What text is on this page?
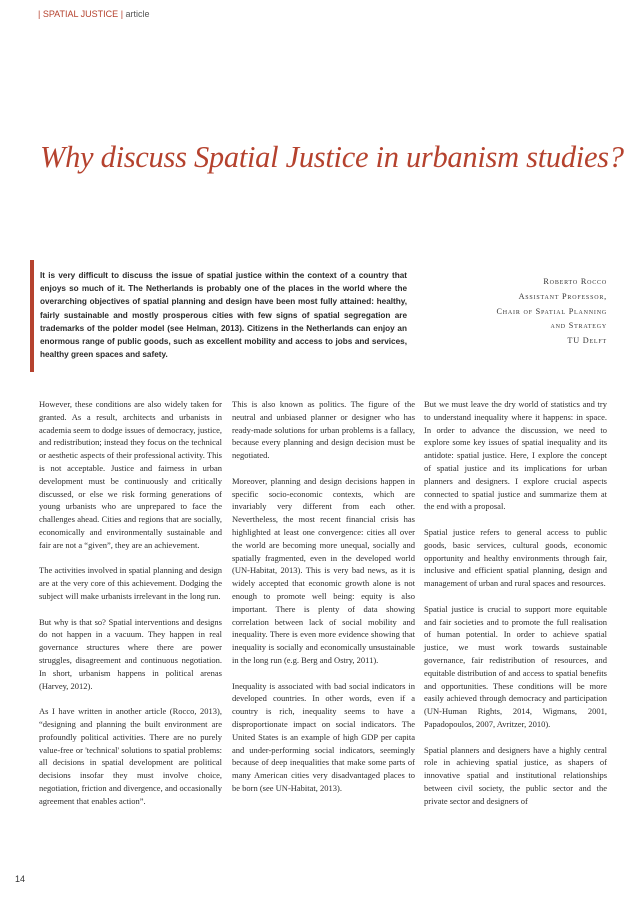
| SPATIAL JUSTICE | article
Why discuss Spatial Justice in urbanism studies?

It is very difficult to discuss the issue of spatial justice within the context of a country that enjoys so much of it. The Netherlands is probably one of the places in the world where the overarching objectives of spatial planning and design have been most fully attained: healthy, fairly sustainable and mostly prosperous cities with few signs of spatial segregation are trademarks of the polder model (see Helman, 2013). Citizens in the Netherlands can enjoy an enormous range of public goods, such as excellent mobility and access to jobs and services, healthy green spaces and safety.

Roberto Rocco
Assistant Professor,
Chair of Spatial Planning
and Strategy
TU Delft

However, these conditions are also widely taken for granted. As a result, architects and urbanists in academia seem to dodge issues of democracy, justice, and redistribution; instead they focus on the technical or aesthetic aspects of their professional activity. This is not acceptable. Justice and fairness in urban development must be continuously and critically discussed, or else we risk forming generations of young urbanists who are unprepared to face the challenges ahead. Cities and regions that are socially, economically and environmentally sustainable and fair are not a “given”, they are an achievement.

The activities involved in spatial planning and design are at the very core of this achievement. Dodging the subject will make urbanists irrelevant in the long run.

But why is that so? Spatial interventions and designs do not happen in a vacuum. They happen in real governance structures where there are power struggles, disagreement and continuous negotiation. In short, urbanism happens in political arenas (Harvey, 2012).

As I have written in another article (Rocco, 2013), “designing and planning the built environment are profoundly political activities. There are no purely value-free or 'technical' solutions to spatial problems: all decisions in spatial development are political decisions insofar they must involve choice, negotiation, friction and divergence, and occasionally agreement that enables action”.

This is also known as politics. The figure of the neutral and unbiased planner or designer who has ready-made solutions for urban problems is a fallacy, because every planning and design decision must be negotiated.

Moreover, planning and design decisions happen in specific socio-economic contexts, which are invariably very different from each other. Nevertheless, the most recent financial crisis has highlighted at least one convergence: cities all over the world are becoming more unequal, socially and spatially fragmented, even in the developed world (UN-Habitat, 2013). This is very bad news, as it is widely accepted that economic growth alone is not enough to promote well being: equity is also important. There is plenty of data showing correlation between lack of social mobility and inequality. There is even more evidence showing that inequality is socially and economically unsustainable in the long run (e.g. Berg and Ostry, 2011).

Inequality is associated with bad social indicators in developed countries. In other words, even if a country is rich, inequality seems to have a disproportionate impact on social indicators. The United States is an example of high GDP per capita and under-performing social indicators, seemingly because of deep inequalities that make some parts of many American cities very disadvantaged places to be born (see UN-Habitat, 2013).

But we must leave the dry world of statistics and try to understand inequality where it happens: in space. In order to advance the discussion, we need to explore some key issues of spatial inequality and its antidote: spatial justice. Here, I explore the concept of spatial justice and its implications for urban planners and designers. I explore crucial aspects connected to spatial justice and summarize them at the end with a proposal.

Spatial justice refers to general access to public goods, basic services, cultural goods, economic opportunity and healthy environments through fair, inclusive and efficient spatial planning, design and management of urban and rural spaces and resources.

Spatial justice is crucial to support more equitable and fair societies and to promote the full realisation of human potential. In order to achieve spatial justice, we must work towards sustainable governance, fair redistribution of resources, and equitable distribution of and access to spatial benefits and opportunities. These conditions will be more easily achieved through democracy and participation (UN-Human Rights, 2014, Wigmans, 2001, Papadopoulos, 2007, Avritzer, 2010).

Spatial planners and designers have a highly central role in achieving spatial justice, as shapers of innovative spatial and institutional relationships between civil society, the public sector and the private sector and designers of

14
